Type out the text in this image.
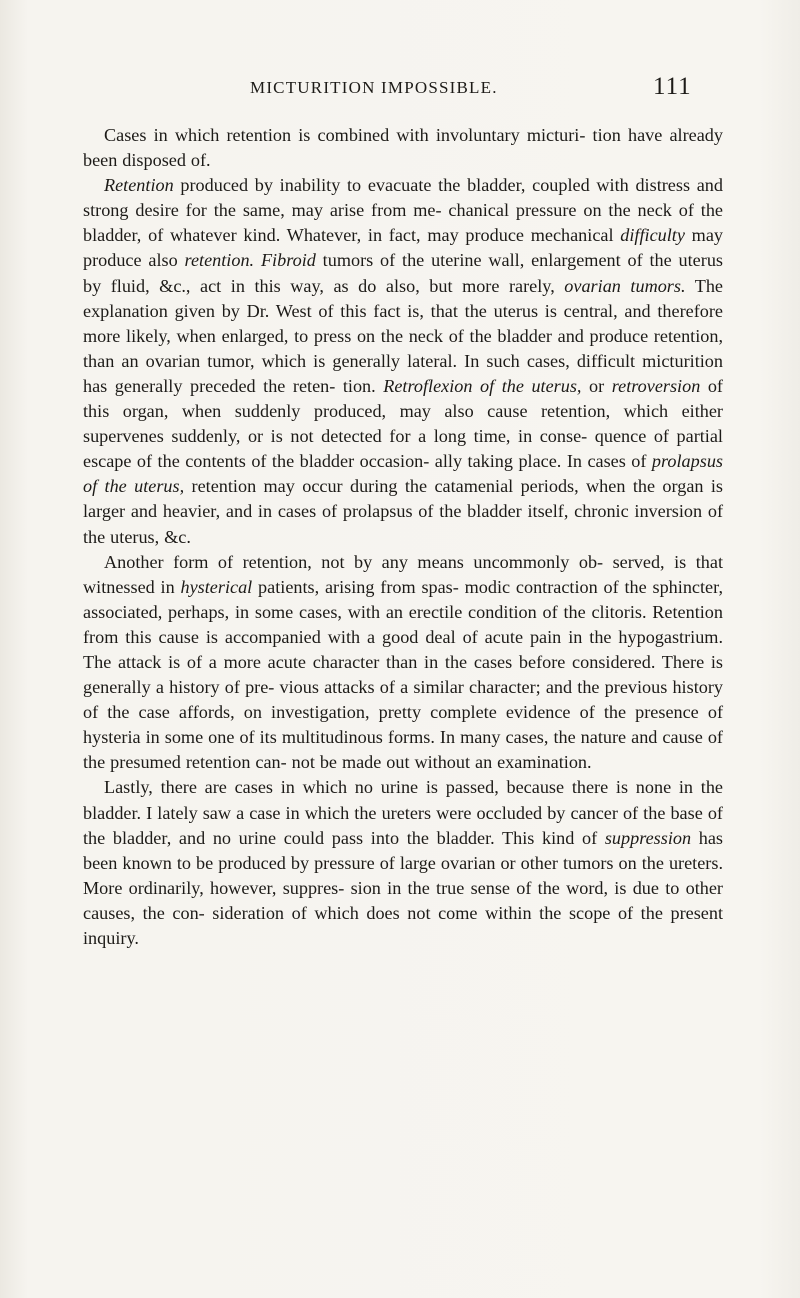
MICTURITION IMPOSSIBLE.	111

Cases in which retention is combined with involuntary micturi- tion have already been disposed of.

Retention produced by inability to evacuate the bladder, coupled with distress and strong desire for the same, may arise from me- chanical pressure on the neck of the bladder, of whatever kind. Whatever, in fact, may produce mechanical difficulty may produce also retention. Fibroid tumors of the uterine wall, enlargement of the uterus by fluid, &c., act in this way, as do also, but more rarely, ovarian tumors. The explanation given by Dr. West of this fact is, that the uterus is central, and therefore more likely, when enlarged, to press on the neck of the bladder and produce retention, than an ovarian tumor, which is generally lateral. In such cases, difficult micturition has generally preceded the reten- tion. Retroflexion of the uterus, or retroversion of this organ, when suddenly produced, may also cause retention, which either supervenes suddenly, or is not detected for a long time, in conse- quence of partial escape of the contents of the bladder occasion- ally taking place. In cases of prolapsus of the uterus, retention may occur during the catamenial periods, when the organ is larger and heavier, and in cases of prolapsus of the bladder itself, chronic inversion of the uterus, &c.

Another form of retention, not by any means uncommonly ob- served, is that witnessed in hysterical patients, arising from spas- modic contraction of the sphincter, associated, perhaps, in some cases, with an erectile condition of the clitoris. Retention from this cause is accompanied with a good deal of acute pain in the hypogastrium. The attack is of a more acute character than in the cases before considered. There is generally a history of pre- vious attacks of a similar character; and the previous history of the case affords, on investigation, pretty complete evidence of the presence of hysteria in some one of its multitudinous forms. In many cases, the nature and cause of the presumed retention can- not be made out without an examination.

Lastly, there are cases in which no urine is passed, because there is none in the bladder. I lately saw a case in which the ureters were occluded by cancer of the base of the bladder, and no urine could pass into the bladder. This kind of suppression has been known to be produced by pressure of large ovarian or other tumors on the ureters. More ordinarily, however, suppres- sion in the true sense of the word, is due to other causes, the con- sideration of which does not come within the scope of the present inquiry.
